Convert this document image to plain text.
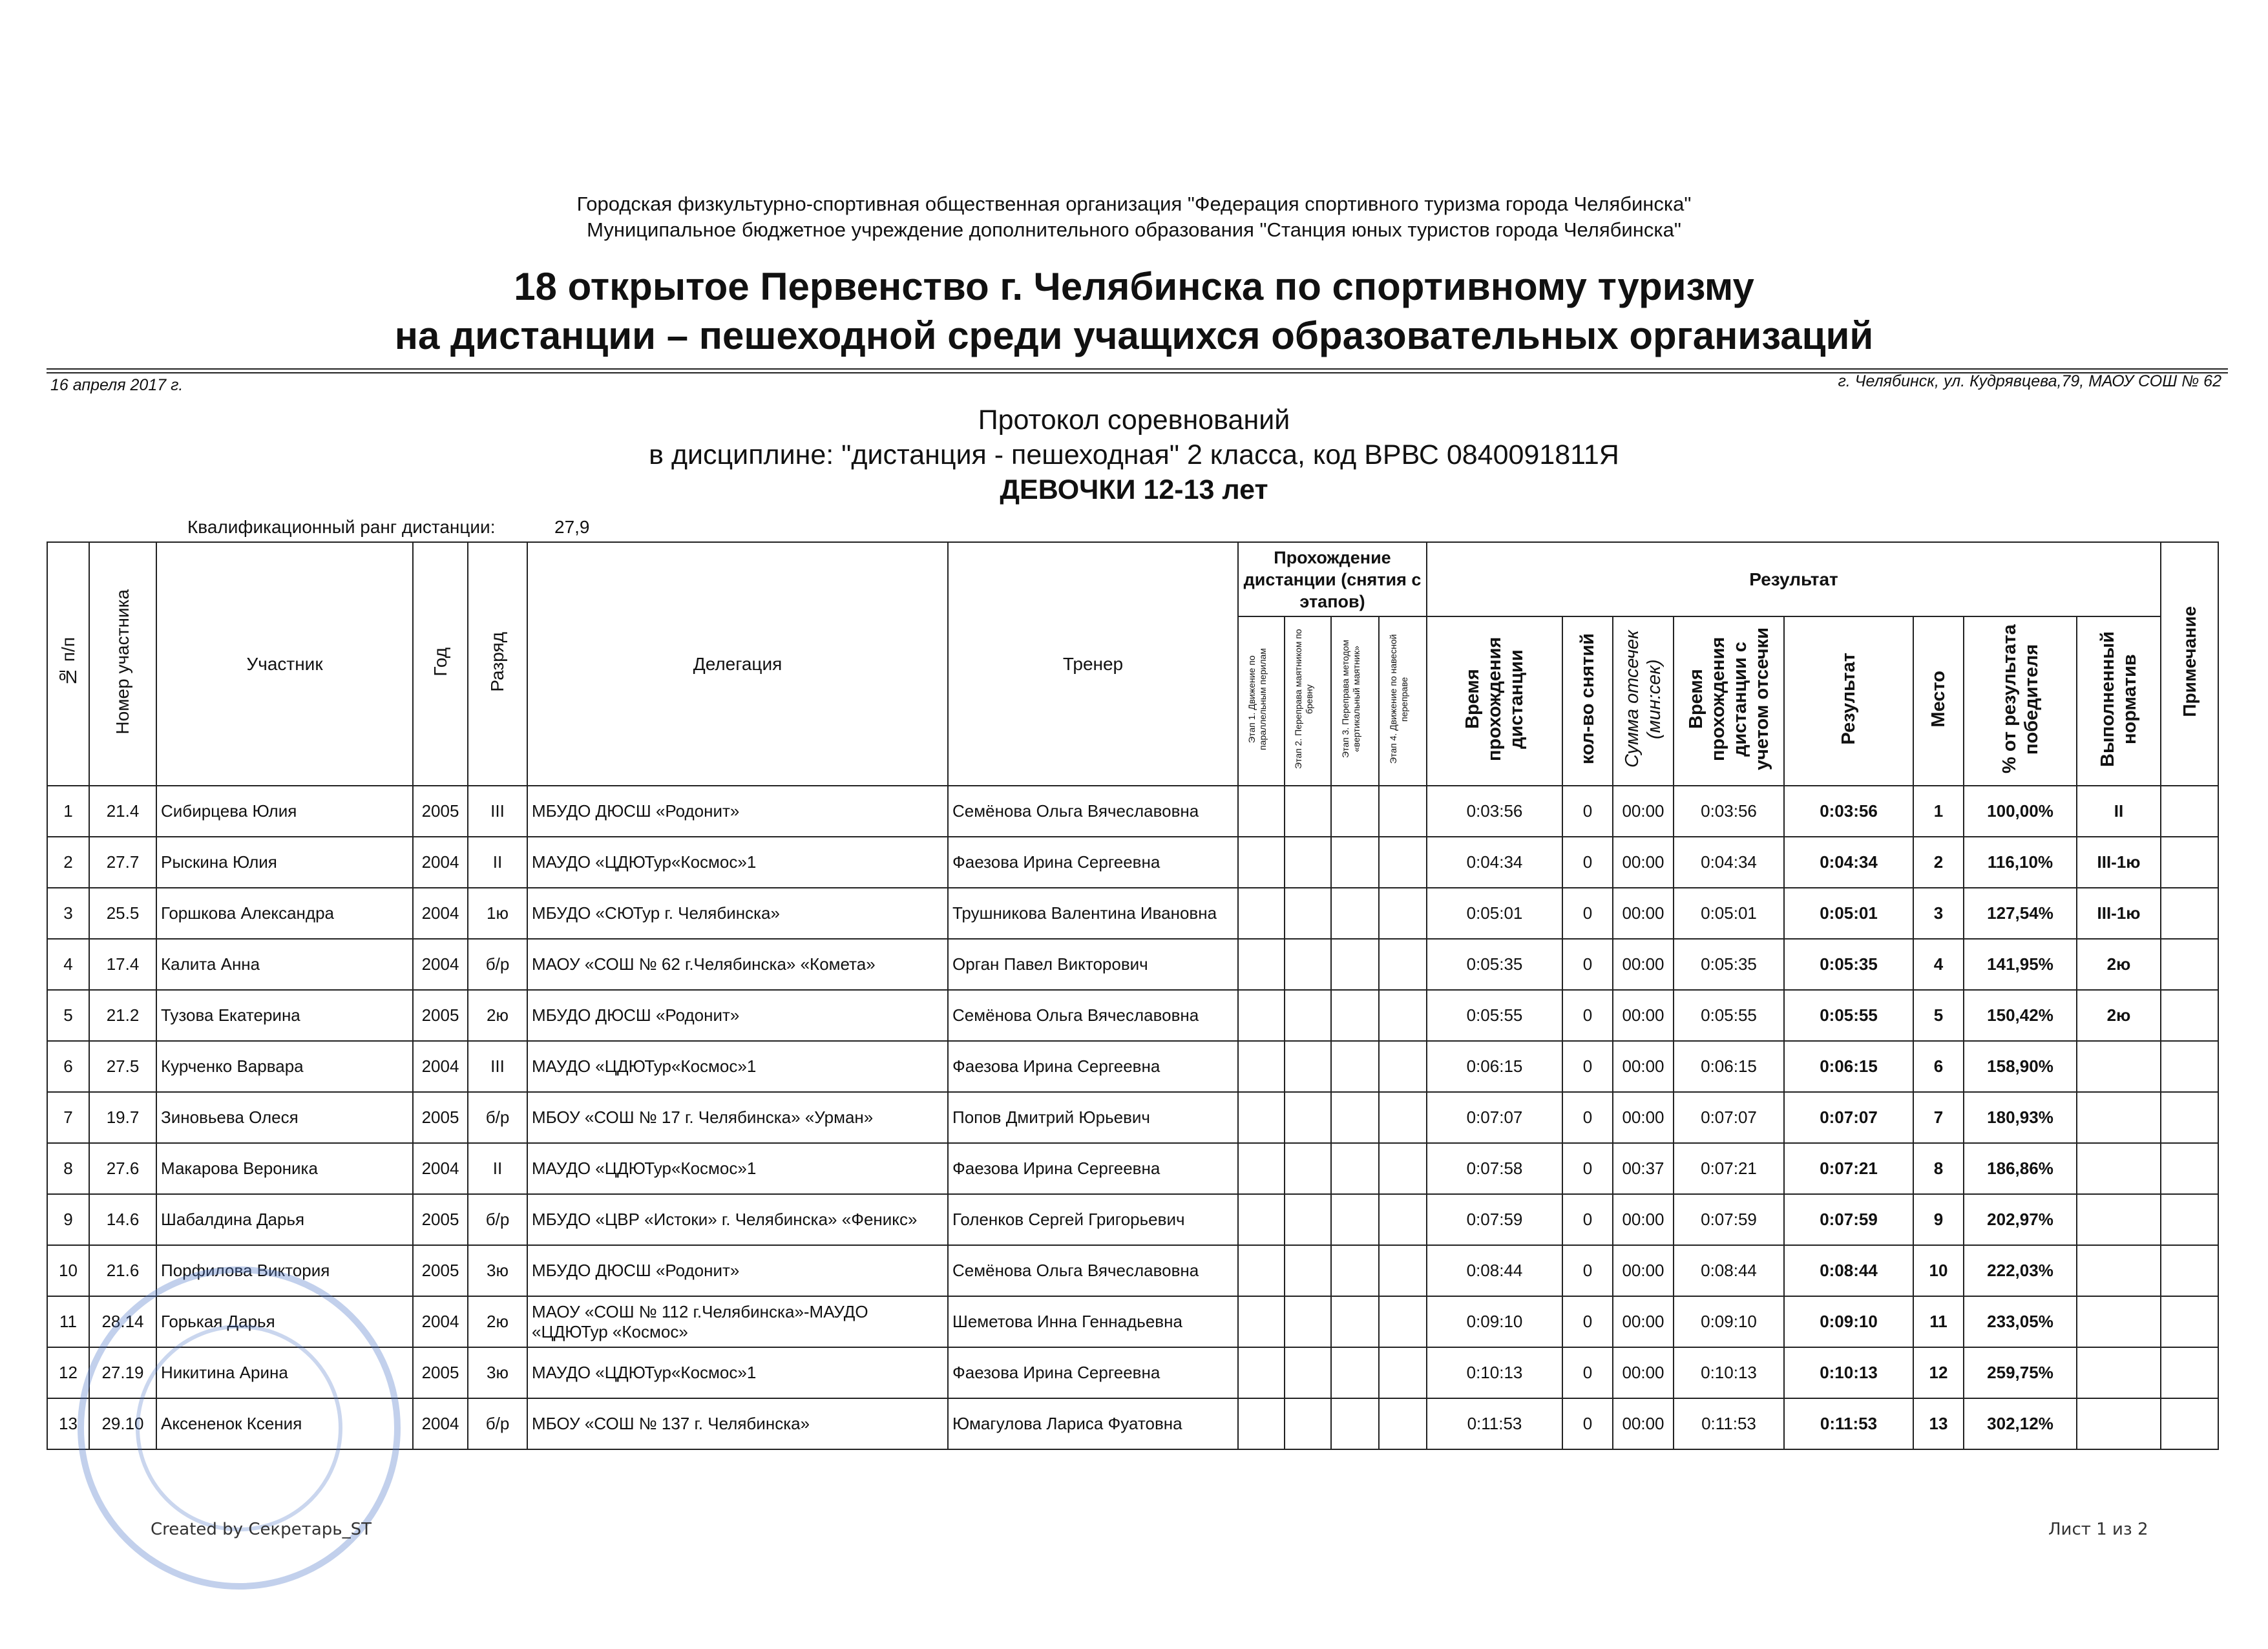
Городская физкультурно-спортивная общественная организация "Федерация спортивного туризма города Челябинска"
Муниципальное бюджетное учреждение дополнительного образования "Станция юных туристов города Челябинска"
18 открытое Первенство г. Челябинска по спортивному туризму
на дистанции – пешеходной среди учащихся образовательных организаций
16 апреля 2017 г.	г. Челябинск, ул. Кудрявцева,79, МАОУ СОШ № 62
Протокол соревнований
в дисциплине: "дистанция - пешеходная" 2 класса, код ВРВС 0840091811Я
ДЕВОЧКИ 12-13 лет
Квалификационный ранг дистанции:	27,9
№ п/п	Номер участника	Участник	Год	Разряд	Делегация	Тренер	Прохождение дистанции (снятия с этапов)				Результат								Примечание
							Этап 1. Движение по параллельным перилам	Этап 2. Переправа маятником по бревну	Этап 3. Переправа методом «вертикальный маятник»	Этап 4. Движение по навесной переправе	Время прохождения дистанции	кол-во снятий	Сумма отсечек (мин:сек)	Время прохождения дистанции с учетом отсечки	Результат	Место	% от результата победителя	Выполненный норматив	
1	21.4	Сибирцева Юлия	2005	III	МБУДО ДЮСШ «Родонит»	Семёнова Ольга Вячеславовна					0:03:56	0	00:00	0:03:56	0:03:56	1	100,00%	II	
2	27.7	Рыскина Юлия	2004	II	МАУДО «ЦДЮТур«Космос»1	Фаезова Ирина Сергеевна					0:04:34	0	00:00	0:04:34	0:04:34	2	116,10%	III-1ю	
3	25.5	Горшкова Александра	2004	1ю	МБУДО «СЮТур г. Челябинска»	Трушникова Валентина Ивановна					0:05:01	0	00:00	0:05:01	0:05:01	3	127,54%	III-1ю	
4	17.4	Калита Анна	2004	б/р	МАОУ «СОШ № 62 г.Челябинска» «Комета»	Орган Павел Викторович					0:05:35	0	00:00	0:05:35	0:05:35	4	141,95%	2ю	
5	21.2	Тузова Екатерина	2005	2ю	МБУДО ДЮСШ «Родонит»	Семёнова Ольга Вячеславовна					0:05:55	0	00:00	0:05:55	0:05:55	5	150,42%	2ю	
6	27.5	Курченко Варвара	2004	III	МАУДО «ЦДЮТур«Космос»1	Фаезова Ирина Сергеевна					0:06:15	0	00:00	0:06:15	0:06:15	6	158,90%		
7	19.7	Зиновьева Олеся	2005	б/р	МБОУ «СОШ № 17 г. Челябинска» «Урман»	Попов Дмитрий Юрьевич					0:07:07	0	00:00	0:07:07	0:07:07	7	180,93%		
8	27.6	Макарова Вероника	2004	II	МАУДО «ЦДЮТур«Космос»1	Фаезова Ирина Сергеевна					0:07:58	0	00:37	0:07:21	0:07:21	8	186,86%		
9	14.6	Шабалдина Дарья	2005	б/р	МБУДО «ЦВР «Истоки» г. Челябинска» «Феникс»	Голенков Сергей Григорьевич					0:07:59	0	00:00	0:07:59	0:07:59	9	202,97%		
10	21.6	Порфилова Виктория	2005	3ю	МБУДО ДЮСШ «Родонит»	Семёнова Ольга Вячеславовна					0:08:44	0	00:00	0:08:44	0:08:44	10	222,03%		
11	28.14	Горькая Дарья	2004	2ю	МАОУ «СОШ № 112 г.Челябинска»-МАУДО «ЦДЮТур «Космос»	Шеметова Инна Геннадьевна					0:09:10	0	00:00	0:09:10	0:09:10	11	233,05%		
12	27.19	Никитина Арина	2005	3ю	МАУДО «ЦДЮТур«Космос»1	Фаезова Ирина Сергеевна					0:10:13	0	00:00	0:10:13	0:10:13	12	259,75%		
13	29.10	Аксененок Ксения	2004	б/р	МБОУ «СОШ № 137 г. Челябинска»	Юмагулова Лариса Фуатовна					0:11:53	0	00:00	0:11:53	0:11:53	13	302,12%		
Created by Секретарь_ST	Лист 1 из 2
